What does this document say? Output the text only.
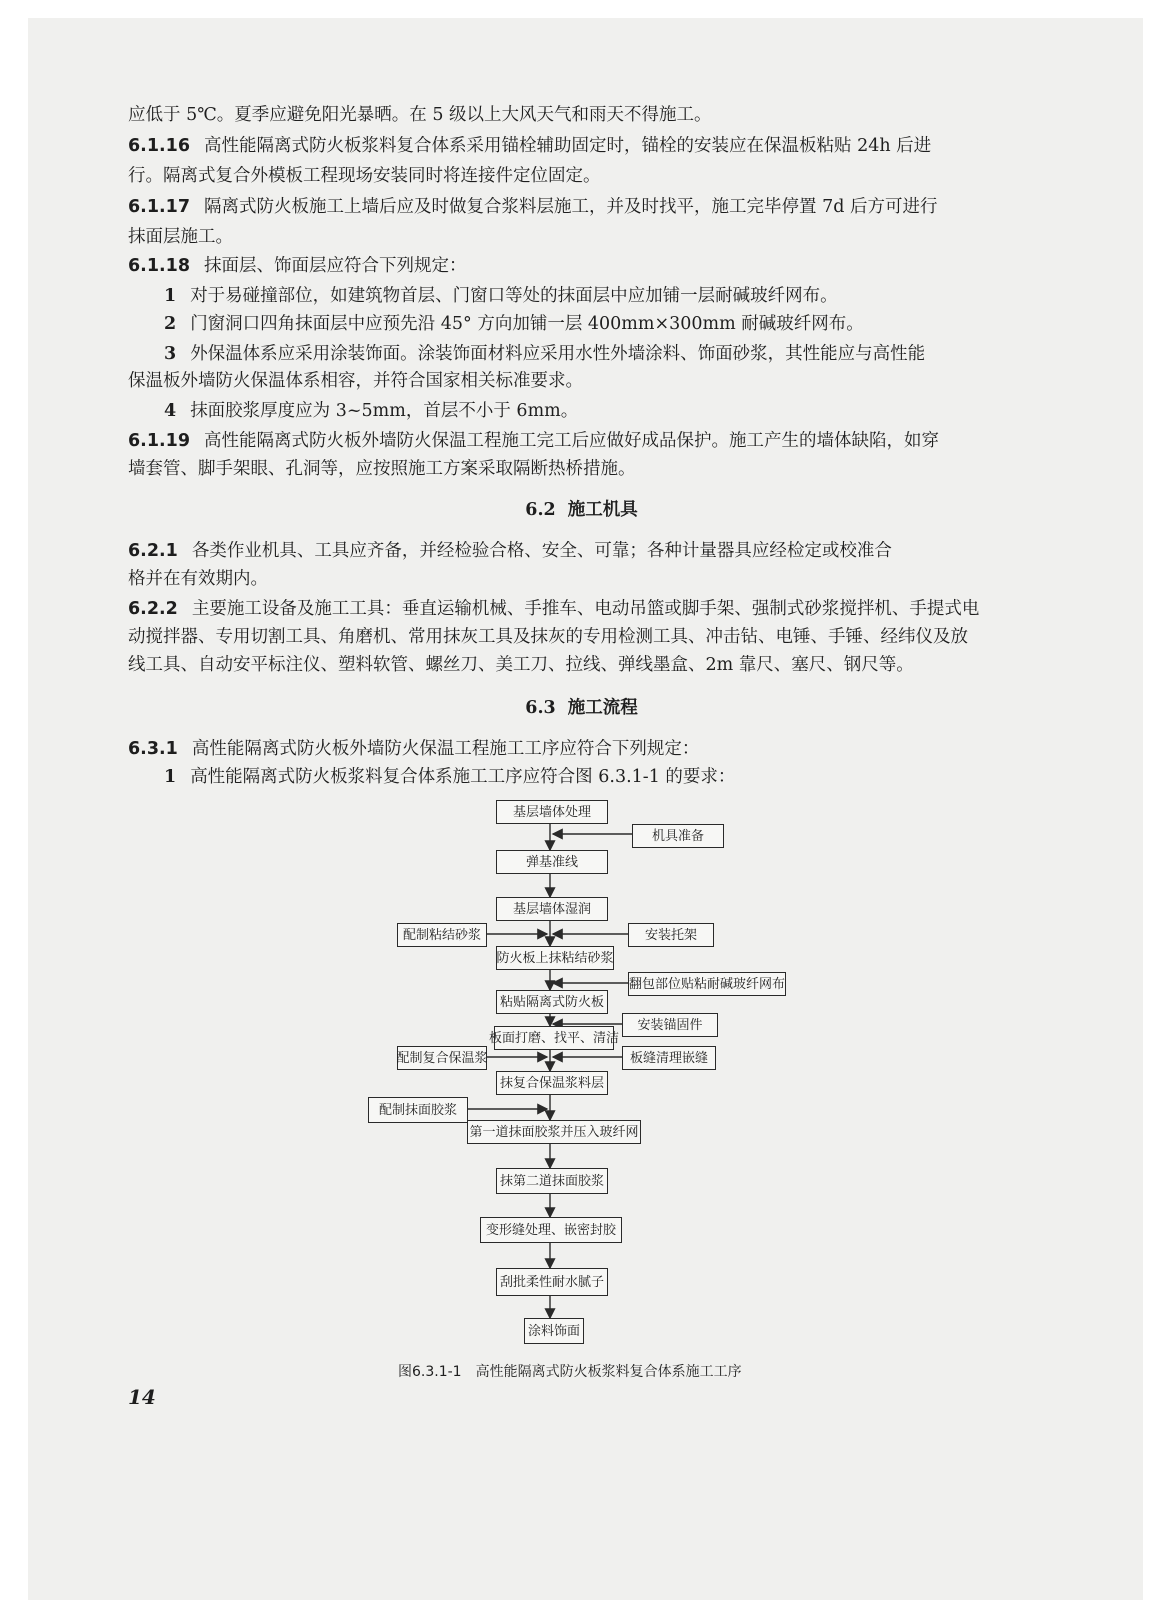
应低于 5℃。夏季应避免阳光暴晒。在 5 级以上大风天气和雨天不得施工。
6.1.16 高性能隔离式防火板浆料复合体系采用锚栓辅助固定时，锚栓的安装应在保温板粘贴 24h 后进
行。隔离式复合外模板工程现场安装同时将连接件定位固定。
6.1.17 隔离式防火板施工上墙后应及时做复合浆料层施工，并及时找平，施工完毕停置 7d 后方可进行
抹面层施工。
6.1.18 抹面层、饰面层应符合下列规定：
1 对于易碰撞部位，如建筑物首层、门窗口等处的抹面层中应加铺一层耐碱玻纤网布。
2 门窗洞口四角抹面层中应预先沿 45° 方向加铺一层 400mm×300mm 耐碱玻纤网布。
3 外保温体系应采用涂装饰面。涂装饰面材料应采用水性外墙涂料、饰面砂浆，其性能应与高性能
保温板外墙防火保温体系相容，并符合国家相关标准要求。
4 抹面胶浆厚度应为 3~5mm，首层不小于 6mm。
6.1.19 高性能隔离式防火板外墙防火保温工程施工完工后应做好成品保护。施工产生的墙体缺陷，如穿
墙套管、脚手架眼、孔洞等，应按照施工方案采取隔断热桥措施。
6.2 施工机具
6.2.1 各类作业机具、工具应齐备，并经检验合格、安全、可靠；各种计量器具应经检定或校准合
格并在有效期内。
6.2.2 主要施工设备及施工工具：垂直运输机械、手推车、电动吊篮或脚手架、强制式砂浆搅拌机、手提式电
动搅拌器、专用切割工具、角磨机、常用抹灰工具及抹灰的专用检测工具、冲击钻、电锤、手锤、经纬仪及放
线工具、自动安平标注仪、塑料软管、螺丝刀、美工刀、拉线、弹线墨盒、2m 靠尺、塞尺、钢尺等。
6.3 施工流程
6.3.1 高性能隔离式防火板外墙防火保温工程施工工序应符合下列规定：
1 高性能隔离式防火板浆料复合体系施工工序应符合图 6.3.1-1 的要求：
基层墙体处理
机具准备
弹基准线
基层墙体湿润
配制粘结砂浆	安装托架
防火板上抹粘结砂浆
翻包部位贴粘耐碱玻纤网布
粘贴隔离式防火板
安装锚固件
板面打磨、找平、清洁
配制复合保温浆	板缝清理嵌缝
抹复合保温浆料层
配制抹面胶浆
第一道抹面胶浆并压入玻纤网
抹第二道抹面胶浆
变形缝处理、嵌密封胶
刮批柔性耐水腻子
涂料饰面
图6.3.1-1　高性能隔离式防火板浆料复合体系施工工序
14
